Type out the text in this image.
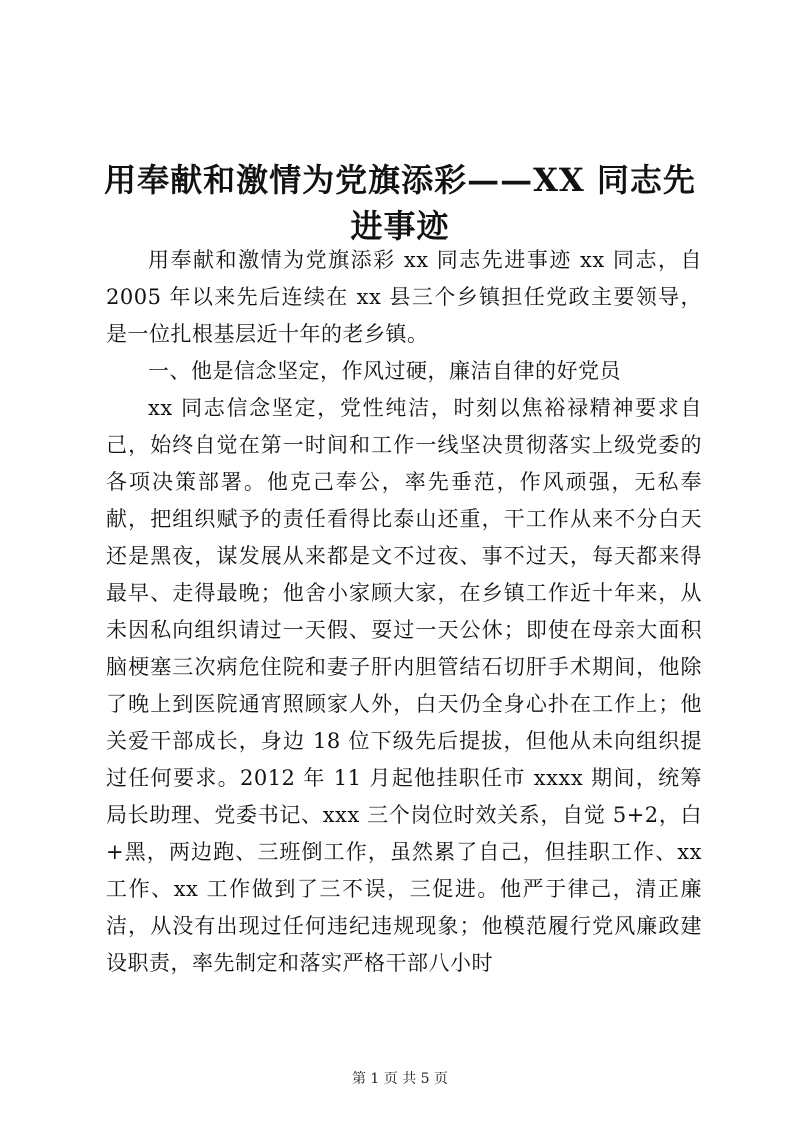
用奉献和激情为党旗添彩——XX 同志先进事迹

用奉献和激情为党旗添彩 xx 同志先进事迹 xx 同志，自 2005 年以来先后连续在 xx 县三个乡镇担任党政主要领导，是一位扎根基层近十年的老乡镇。

一、他是信念坚定，作风过硬，廉洁自律的好党员

xx 同志信念坚定，党性纯洁，时刻以焦裕禄精神要求自己，始终自觉在第一时间和工作一线坚决贯彻落实上级党委的各项决策部署。他克己奉公，率先垂范，作风顽强，无私奉献，把组织赋予的责任看得比泰山还重，干工作从来不分白天还是黑夜，谋发展从来都是文不过夜、事不过天，每天都来得最早、走得最晚；他舍小家顾大家，在乡镇工作近十年来，从未因私向组织请过一天假、耍过一天公休；即使在母亲大面积脑梗塞三次病危住院和妻子肝内胆管结石切肝手术期间，他除了晚上到医院通宵照顾家人外，白天仍全身心扑在工作上；他关爱干部成长，身边 18 位下级先后提拔，但他从未向组织提过任何要求。2012 年 11 月起他挂职任市 xxxx 期间，统筹局长助理、党委书记、xxx 三个岗位时效关系，自觉 5+2，白+黑，两边跑、三班倒工作，虽然累了自己，但挂职工作、xx 工作、xx 工作做到了三不误，三促进。他严于律己，清正廉洁，从没有出现过任何违纪违规现象；他模范履行党风廉政建设职责，率先制定和落实严格干部八小时

第 1 页 共 5 页
